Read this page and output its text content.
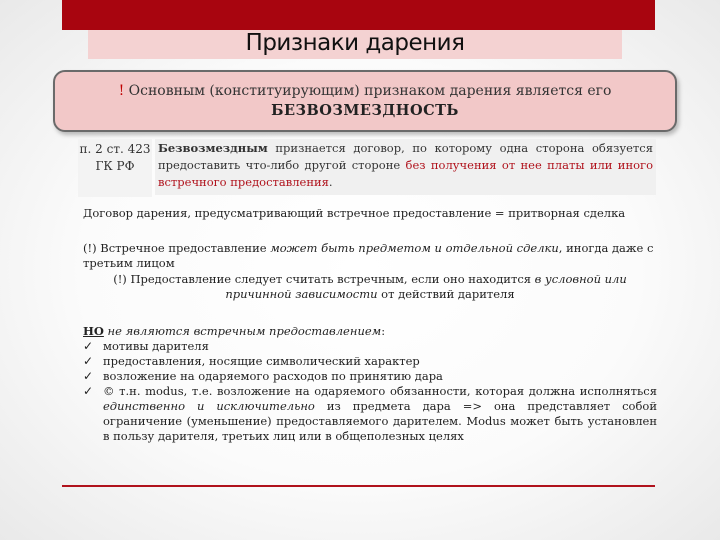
Признаки дарения
! Основным (конституирующим) признаком дарения является его
БЕЗВОЗМЕЗДНОСТЬ
п. 2 ст. 423
ГК РФ
Безвозмездным признается договор, по которому одна сторона обязуется предоставить что-либо другой стороне без получения от нее платы или иного встречного предоставления.
Договор дарения, предусматривающий встречное предоставление = притворная сделка
(!) Встречное предоставление может быть предметом и отдельной сделки, иногда даже с третьим лицом
(!) Предоставление следует считать встречным, если оно находится в условной или причинной зависимости от действий дарителя
НО не являются встречным предоставлением:
✓ мотивы дарителя
✓ предоставления, носящие символический характер
✓ возложение на одаряемого расходов по принятию дара
✓ © т.н. modus, т.е. возложение на одаряемого обязанности, которая должна исполняться единственно и исключительно из предмета дара => она представляет собой ограничение (уменьшение) предоставляемого дарителем. Modus может быть установлен в пользу дарителя, третьих лиц или в общеполезных целях
